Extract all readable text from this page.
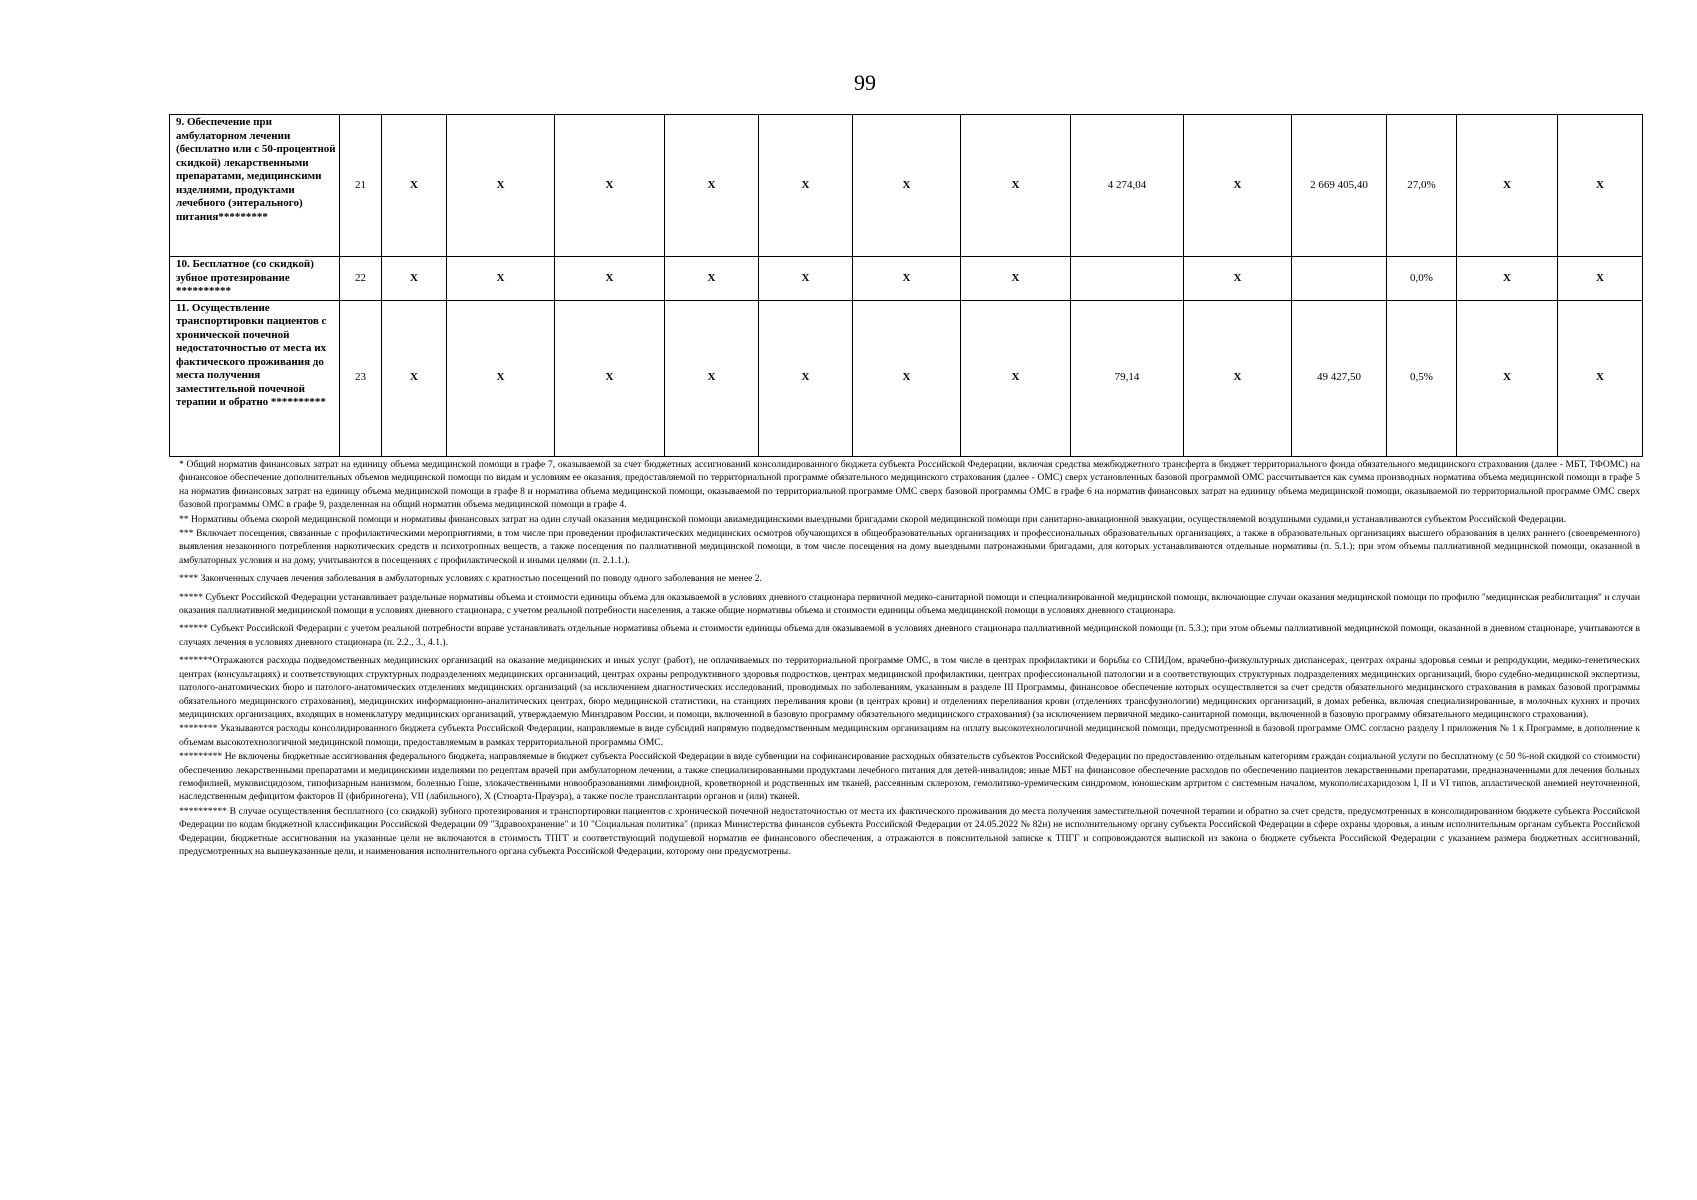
99
9. Обеспечение при амбулаторном лечении (бесплатно или с 50-процентной скидкой) лекарственными препаратами, медицинскими изделиями, продуктами лечебного (энтерального) питания*********	21	X	X	X	X	X	X	X	4 274,04	X	2 669 405,40	27,0%	X	X
10. Бесплатное (со скидкой) зубное протезирование **********	22	X	X	X	X	X	X	X		X		0,0%	X	X
11. Осуществление транспортировки пациентов с хронической почечной недостаточностью от места их фактического проживания до места получения заместительной почечной терапии и обратно **********	23	X	X	X	X	X	X	X	79,14	X	49 427,50	0,5%	X	X

* Общий норматив финансовых затрат на единицу объема медицинской помощи в графе 7, оказываемой за счет бюджетных ассигнований консолидированного бюджета субъекта Российской Федерации, включая средства межбюджетного трансферта в бюджет территориального фонда обязательного медицинского страхования (далее - МБТ, ТФОМС) на финансовое обеспечение дополнительных объемов медицинской помощи по видам и условиям ее оказания, предоставляемой по территориальной программе обязательного медицинского страхования (далее - ОМС) сверх установленных базовой программой ОМС рассчитывается как сумма производных норматива объема медицинской помощи в графе 5 на норматив финансовых затрат на единицу объема медицинской помощи в графе 8 и норматива объема медицинской помощи, оказываемой по территориальной программе ОМС сверх базовой программы ОМС в графе 6 на норматив финансовых затрат на единицу объема медицинской помощи, оказываемой по территориальной программе ОМС сверх базовой программы ОМС в графе 9, разделенная на общий норматив объема медицинской помощи в графе 4.

** Нормативы объема скорой медицинской помощи и нормативы финансовых затрат на один случай оказания медицинской помощи авиамедицинскими выездными бригадами скорой медицинской помощи при санитарно-авиационной эвакуации, осуществляемой воздушными судами,и устанавливаются субъектом Российской Федерации.

*** Включает посещения, связанные с профилактическими мероприятиями, в том числе при проведении профилактических медицинских осмотров обучающихся в общеобразовательных организациях и профессиональных образовательных организациях, а также в образовательных организациях высшего образования в целях раннего (своевременного) выявления незаконного потребления наркотических средств и психотропных веществ, а также посещения по паллиативной медицинской помощи, в том числе посещения на дому выездными патронажными бригадами, для которых устанавливаются отдельные нормативы (п. 5.1.); при этом объемы паллиативной медицинской помощи, оказанной в амбулаторных условия и на дому, учитываются в посещениях с профилактической и иными целями (п. 2.1.1.).

**** Законченных случаев лечения заболевания в амбулаторных условиях с кратностью посещений по поводу одного заболевания не менее 2.

***** Субъект Российской Федерации устанавливает раздельные нормативы объема и стоимости единицы объема для оказываемой в условиях дневного стационара первичной медико-санитарной помощи и специализированной медицинской помощи, включающие случаи оказания медицинской помощи по профилю "медицинская реабилитация" и случаи оказания паллиативной медицинской помощи в условиях дневного стационара, с учетом реальной потребности населения, а также общие нормативы объема и стоимости единицы объема медицинской помощи в условиях дневного стационара.

****** Субъект Российской Федерации с учетом реальной потребности вправе устанавливать отдельные нормативы объема и стоимости единицы объема для оказываемой в условиях дневного стационара паллиативной медицинской помощи (п. 5.3.); при этом объемы паллиативной медицинской помощи, оказанной в дневном стационаре, учитываются в случаях лечения в условиях дневного стационара (п. 2.2., 3., 4.1.).

*******Отражаются расходы подведомственных медицинских организаций на оказание медицинских и иных услуг (работ), не оплачиваемых по территориальной программе ОМС, в том числе в центрах профилактики и борьбы со СПИДом, врачебно-физкультурных диспансерах, центрах охраны здоровья семьи и репродукции, медико-генетических центрах (консультациях) и соответствующих структурных подразделениях медицинских организаций, центрах охраны репродуктивного здоровья подростков, центрах медицинской профилактики, центрах профессиональной патологии и в соответствующих структурных подразделениях медицинских организаций, бюро судебно-медицинской экспертизы, патолого-анатомических бюро и патолого-анатомических отделениях медицинских организаций (за исключением диагностических исследований, проводимых по заболеваниям, указанным в разделе III Программы, финансовое обеспечение которых осуществляется за счет средств обязательного медицинского страхования в рамках базовой программы обязательного медицинского страхования), медицинских информационно-аналитических центрах, бюро медицинской статистики, на станциях переливания крови (в центрах крови) и отделениях переливания крови (отделениях трансфузиологии) медицинских организаций, в домах ребенка, включая специализированные, в молочных кухнях и прочих медицинских организациях, входящих в номенклатуру медицинских организаций, утверждаемую Минздравом России, и помощи, включенной в базовую программу обязательного медицинского страхования) (за исключением первичной медико-санитарной помощи, включенной в базовую программу обязательного медицинского страхования).

******** Указываются расходы консолидированного бюджета субъекта Российской Федерации, направляемые в виде субсидий напрямую подведомственным медицинским организациям на оплату высокотехнологичной медицинской помощи, предусмотренной в базовой программе ОМС согласно разделу I приложения № 1 к Программе, в дополнение к объемам высокотехнологичной медицинской помощи, предоставляемым в рамках территориальной программы ОМС.

********* Не включены бюджетные ассигнования федерального бюджета, направляемые в бюджет субъекта Российской Федерации в виде субвенции на софинансирование расходных обязательств субъектов Российской Федерации по предоставлению отдельным категориям граждан социальной услуги по бесплатному (с 50 %-ной скидкой со стоимости) обеспечению лекарственными препаратами и медицинскими изделиями по рецептам врачей при амбулаторном лечении, а также специализированными продуктами лечебного питания для детей-инвалидов; иные МБТ на финансовое обеспечение расходов по обеспечению пациентов лекарственными препаратами, предназначенными для лечения больных гемофилией, муковисцидозом, гипофизарным нанизмом, болезнью Гоше, злокачественными новообразованиями лимфоидной, кроветворной и родственных им тканей, рассеянным склерозом, гемолитико-уремическим синдромом, юношеским артритом с системным началом, мукополисахаридозом I, II и VI типов, апластической анемией неуточненной, наследственным дефицитом факторов II (фибриногена), VII (лабильного), X (Стюарта-Прауэра), а также после трансплантации органов и (или) тканей.

********** В случае осуществления бесплатного (со скидкой) зубного протезирования и транспортировки пациентов с хронической почечной недостаточностью от места их фактического проживания до места получения заместительной почечной терапии и обратно за счет средств, предусмотренных в консолидированном бюджете субъекта Российской Федерации по кодам бюджетной классификации Российской Федерации 09 "Здравоохранение" и 10 "Социальная политика" (приказ Министерства финансов субъекта Российской Федерации от 24.05.2022 № 82н) не исполнительному органу субъекта Российской Федерации в сфере охраны здоровья, а иным исполнительным органам субъекта Российской Федерации, бюджетные ассигнования на указанные цели не включаются в стоимость ТПГГ и соответствующий подушевой норматив ее финансового обеспечения, а отражаются в пояснительной записке к ТПГГ и сопровождаются выпиской из закона о бюджете субъекта Российской Федерации с указанием размера бюджетных ассигнований, предусмотренных на вышеуказанные цели, и наименования исполнительного органа субъекта Российской Федерации, которому они предусмотрены.
